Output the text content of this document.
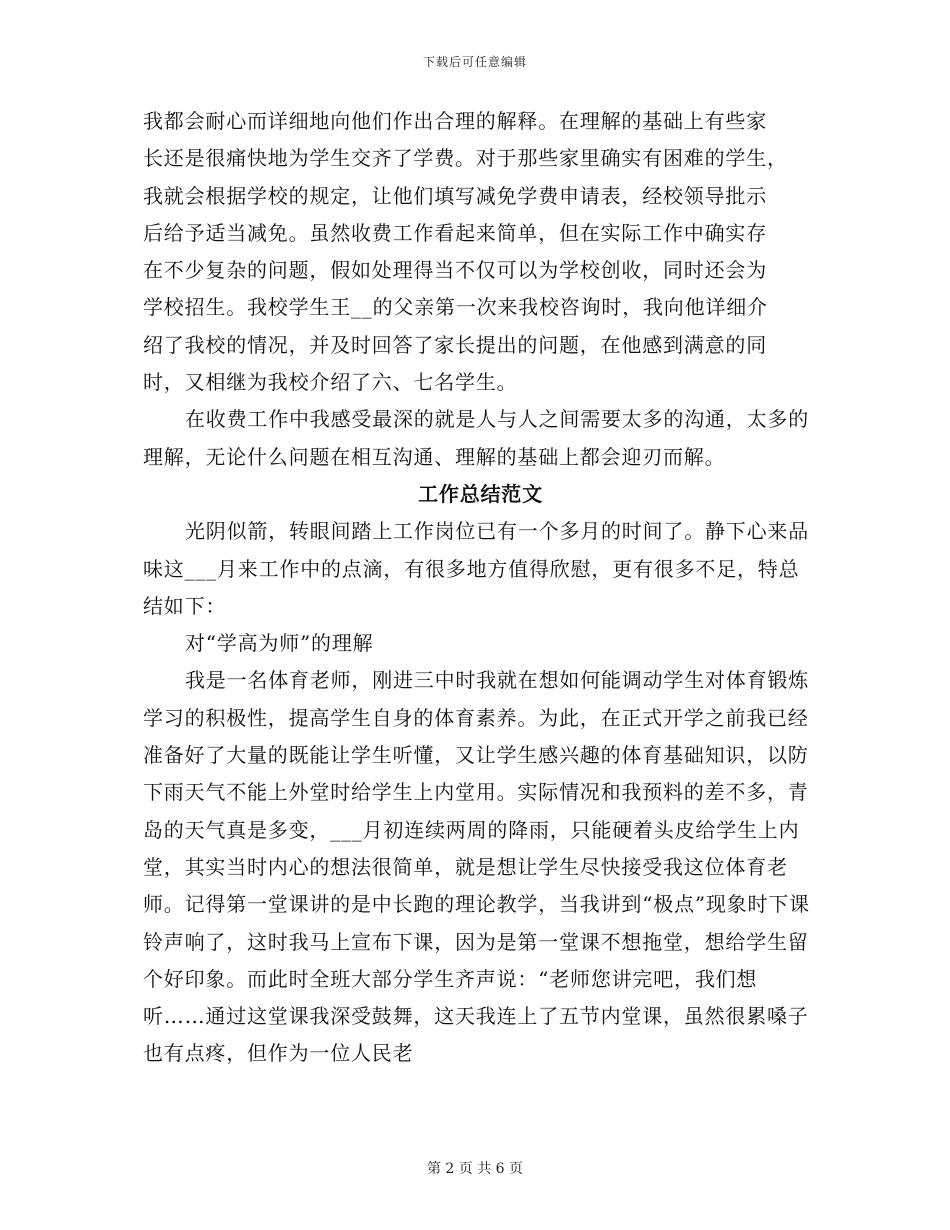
下载后可任意编辑
我都会耐心而详细地向他们作出合理的解释。在理解的基础上有些家
长还是很痛快地为学生交齐了学费。对于那些家里确实有困难的学生，
我就会根据学校的规定，让他们填写减免学费申请表，经校领导批示
后给予适当减免。虽然收费工作看起来简单，但在实际工作中确实存
在不少复杂的问题，假如处理得当不仅可以为学校创收，同时还会为
学校招生。我校学生王__的父亲第一次来我校咨询时，我向他详细介
绍了我校的情况，并及时回答了家长提出的问题，在他感到满意的同
时，又相继为我校介绍了六、七名学生。

在收费工作中我感受最深的就是人与人之间需要太多的沟通，太多的理解，无论什么问题在相互沟通、理解的基础上都会迎刃而解。

工作总结范文

光阴似箭，转眼间踏上工作岗位已有一个多月的时间了。静下心来品味这___月来工作中的点滴，有很多地方值得欣慰，更有很多不足，特总结如下：

对“学高为师”的理解

我是一名体育老师，刚进三中时我就在想如何能调动学生对体育锻炼学习的积极性，提高学生自身的体育素养。为此，在正式开学之前我已经准备好了大量的既能让学生听懂，又让学生感兴趣的体育基础知识，以防下雨天气不能上外堂时给学生上内堂用。实际情况和我预料的差不多，青岛的天气真是多变，___月初连续两周的降雨，只能硬着头皮给学生上内堂，其实当时内心的想法很简单，就是想让学生尽快接受我这位体育老师。记得第一堂课讲的是中长跑的理论教学，当我讲到“极点”现象时下课铃声响了，这时我马上宣布下课，因为是第一堂课不想拖堂，想给学生留个好印象。而此时全班大部分学生齐声说：“老师您讲完吧，我们想听……通过这堂课我深受鼓舞，这天我连上了五节内堂课，虽然很累嗓子也有点疼，但作为一位人民老

第 2 页 共 6 页
